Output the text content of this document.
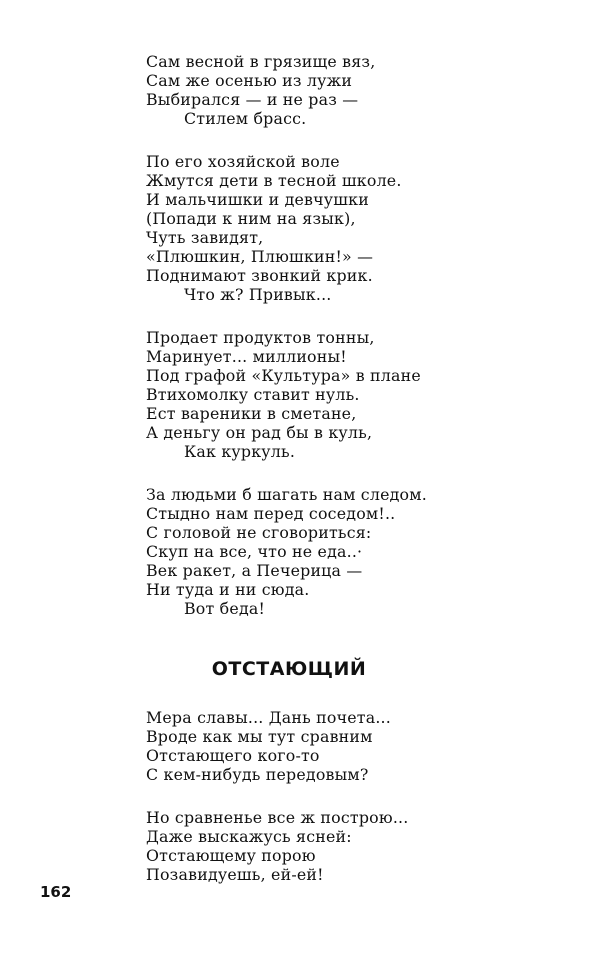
Сам весной в грязище вяз,
Сам же осенью из лужи
Выбирался — и не раз —
Стилем брасс.
По его хозяйской воле
Жмутся дети в тесной школе.
И мальчишки и девчушки
(Попади к ним на язык),
Чуть завидят,
«Плюшкин, Плюшкин!» —
Поднимают звонкий крик.
Что ж? Привык...
Продает продуктов тонны,
Маринует... миллионы!
Под графой «Культура» в плане
Втихомолку ставит нуль.
Ест вареники в сметане,
А деньгу он рад бы в куль,
Как куркуль.
За людьми б шагать нам следом.
Стыдно нам перед соседом!..
С головой не сговориться:
Скуп на все, что не еда..·
Век ракет, а Печерица —
Ни туда и ни сюда.
Вот беда!
ОТСТАЮЩИЙ
Мера славы... Дань почета...
Вроде как мы тут сравним
Отстающего кого-то
С кем-нибудь передовым?
Но сравненье все ж построю...
Даже выскажусь ясней:
Отстающему порою
Позавидуешь, ей-ей!
162
